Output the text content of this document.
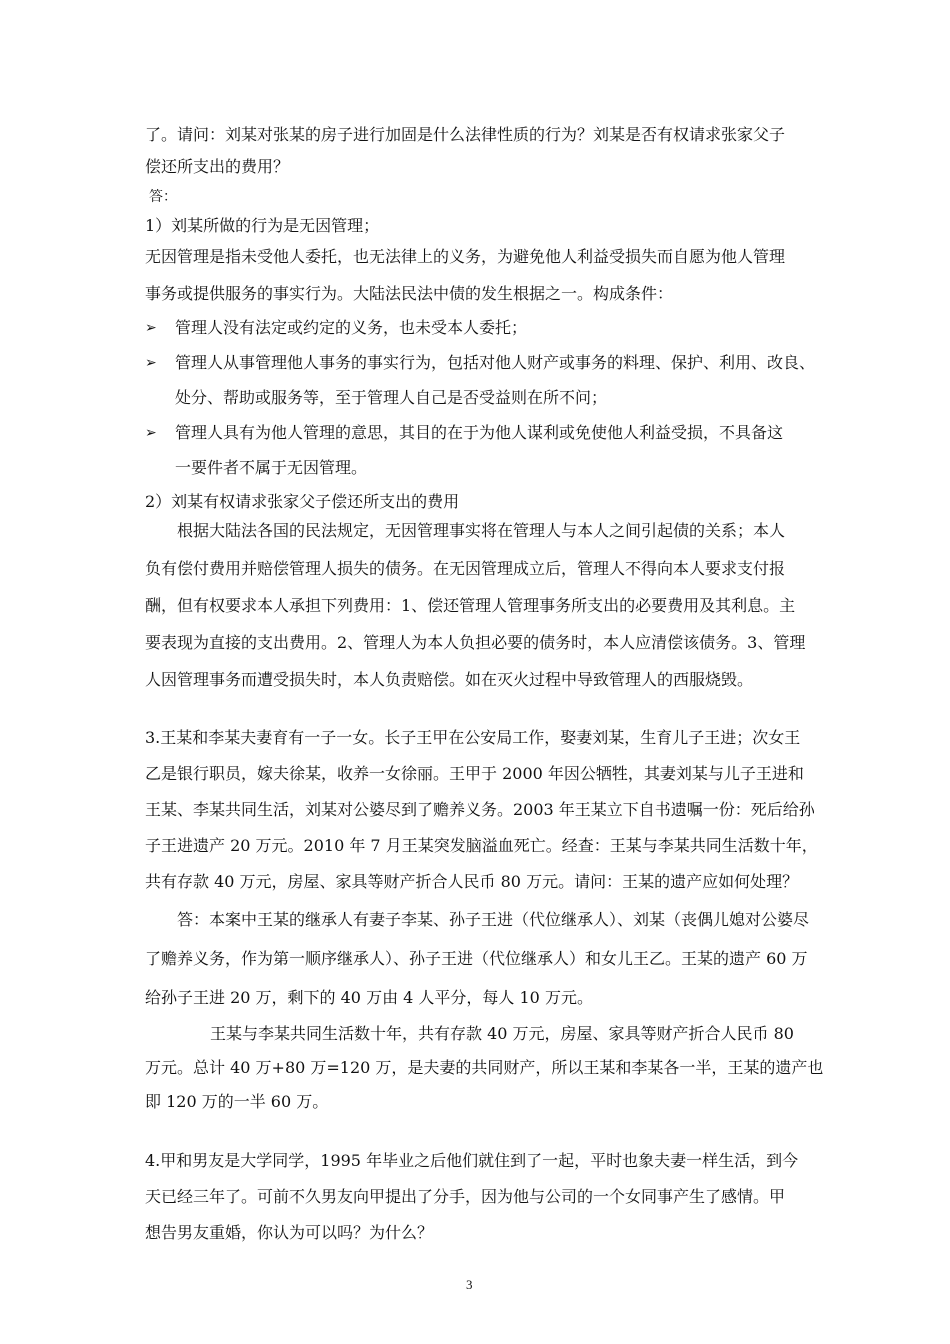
了。请问：刘某对张某的房子进行加固是什么法律性质的行为？刘某是否有权请求张家父子
偿还所支出的费用？
答：
1）刘某所做的行为是无因管理；
无因管理是指未受他人委托，也无法律上的义务，为避免他人利益受损失而自愿为他人管理
事务或提供服务的事实行为。大陆法民法中债的发生根据之一。构成条件：
➢ 管理人没有法定或约定的义务，也未受本人委托；
➢ 管理人从事管理他人事务的事实行为，包括对他人财产或事务的料理、保护、利用、改良、
处分、帮助或服务等，至于管理人自己是否受益则在所不问；
➢ 管理人具有为他人管理的意思，其目的在于为他人谋利或免使他人利益受损，不具备这
一要件者不属于无因管理。
2）刘某有权请求张家父子偿还所支出的费用
根据大陆法各国的民法规定，无因管理事实将在管理人与本人之间引起债的关系；本人
负有偿付费用并赔偿管理人损失的债务。在无因管理成立后，管理人不得向本人要求支付报
酬，但有权要求本人承担下列费用：1、偿还管理人管理事务所支出的必要费用及其利息。主
要表现为直接的支出费用。2、管理人为本人负担必要的债务时，本人应清偿该债务。3、管理
人因管理事务而遭受损失时，本人负责赔偿。如在灭火过程中导致管理人的西服烧毁。
3.王某和李某夫妻育有一子一女。长子王甲在公安局工作，娶妻刘某，生育儿子王进；次女王
乙是银行职员，嫁夫徐某，收养一女徐丽。王甲于 2000 年因公牺牲，其妻刘某与儿子王进和
王某、李某共同生活，刘某对公婆尽到了赡养义务。2003 年王某立下自书遗嘱一份：死后给孙
子王进遗产 20 万元。2010 年 7 月王某突发脑溢血死亡。经查：王某与李某共同生活数十年，
共有存款 40 万元，房屋、家具等财产折合人民币 80 万元。请问：王某的遗产应如何处理？
答：本案中王某的继承人有妻子李某、孙子王进（代位继承人）、刘某（丧偶儿媳对公婆尽
了赡养义务，作为第一顺序继承人）、孙子王进（代位继承人）和女儿王乙。王某的遗产 60 万
给孙子王进 20 万，剩下的 40 万由 4 人平分，每人 10 万元。
王某与李某共同生活数十年，共有存款 40 万元，房屋、家具等财产折合人民币 80
万元。总计 40 万+80 万=120 万，是夫妻的共同财产，所以王某和李某各一半，王某的遗产也
即 120 万的一半 60 万。
4.甲和男友是大学同学，1995 年毕业之后他们就住到了一起，平时也象夫妻一样生活，到今
天已经三年了。可前不久男友向甲提出了分手，因为他与公司的一个女同事产生了感情。甲
想告男友重婚，你认为可以吗？为什么？
3
